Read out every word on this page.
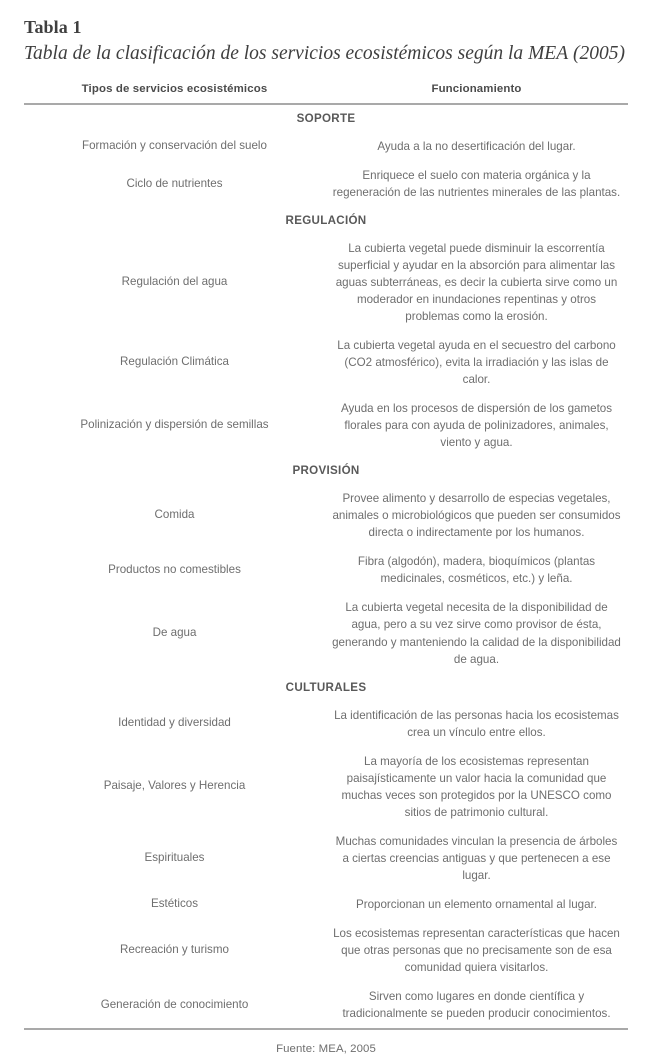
Tabla 1
Tabla de la clasificación de los servicios ecosistémicos según la MEA (2005)
Tipos de servicios ecosistémicos	Funcionamiento
SOPORTE	
Formación y conservación del suelo	Ayuda a la no desertificación del lugar.
Ciclo de nutrientes	Enriquece el suelo con materia orgánica y la regeneración de las nutrientes minerales de las plantas.
REGULACIÓN	
Regulación del agua	La cubierta vegetal puede disminuir la escorrentía superficial y ayudar en la absorción para alimentar las aguas subterráneas, es decir la cubierta sirve como un moderador en inundaciones repentinas y otros problemas como la erosión.
Regulación Climática	La cubierta vegetal ayuda en el secuestro del carbono (CO2 atmosférico), evita la irradiación y las islas de calor.
Polinización y dispersión de semillas	Ayuda en los procesos de dispersión de los gametos florales para con ayuda de polinizadores, animales, viento y agua.
PROVISIÓN	
Comida	Provee alimento y desarrollo de especias vegetales, animales o microbiológicos que pueden ser consumidos directa o indirectamente por los humanos.
Productos no comestibles	Fibra (algodón), madera, bioquímicos (plantas medicinales, cosméticos, etc.) y leña.
De agua	La cubierta vegetal necesita de la disponibilidad de agua, pero a su vez sirve como provisor de ésta, generando y manteniendo la calidad de la disponibilidad de agua.
CULTURALES	
Identidad y diversidad	La identificación de las personas hacia los ecosistemas crea un vínculo entre ellos.
Paisaje, Valores y Herencia	La mayoría de los ecosistemas representan paisajísticamente un valor hacia la comunidad que muchas veces son protegidos por la UNESCO como sitios de patrimonio cultural.
Espirituales	Muchas comunidades vinculan la presencia de árboles a ciertas creencias antiguas y que pertenecen a ese lugar.
Estéticos	Proporcionan un elemento ornamental al lugar.
Recreación y turismo	Los ecosistemas representan características que hacen que otras personas que no precisamente son de esa comunidad quiera visitarlos.
Generación de conocimiento	Sirven como lugares en donde científica y tradicionalmente se pueden producir conocimientos.
Fuente: MEA, 2005
